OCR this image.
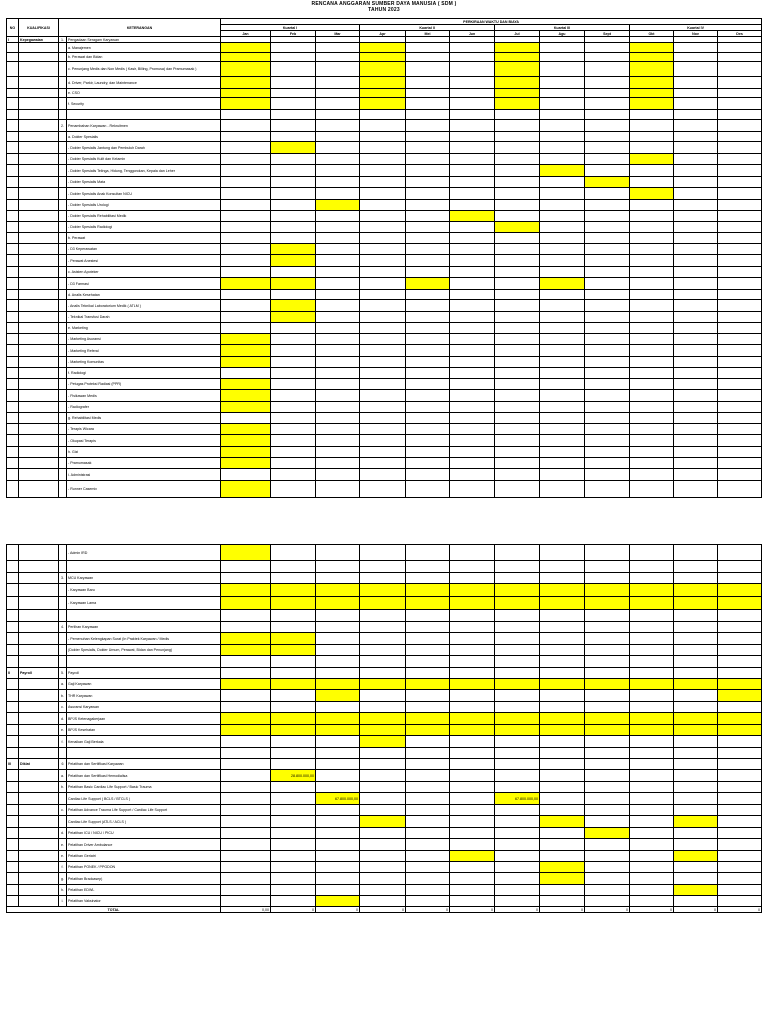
RENCANA ANGGARAN SUMBER DAYA MANUSIA ( SDM )
TAHUN 2023
NO	KUALIFIKASI	KETERANGAN		PERKIRAAN WAKTU DAN BIAYA											
				Kuartal I			Kuartal II			Kuartal III			Kuartal IV		
				Jan	Feb	Mar	Apr	Mei	Jun	Jul	Agu	Sept	Okt	Nov	Des
I	Kepegawaian	1.	Pengadaan Seragam Karyawan												
			a. Manajemen												
			b. Perawat dan Bidan												
			c. Penunjang Medis dan Non Medis ( Kasir, Billing, Promusa) dan Pramumasak )												
			d. Driver, Parkir, Laundry, dan Maintenance												
			e. CSO												
			f. Security												

		2.	Penambahan Karyawan - Rekruitmen												
			a. Dokter Spesialis												
			- Dokter Spesialis Jantung dan Pembuluh Darah												
			- Dokter Spesialis Kulit dan Kelamin												
			- Dokter Spesialis Telinga, Hidung, Tenggorokan, Kepala dan Leher												
			- Dokter Spesialis Mata												
			- Dokter Spesialis Anak Konsultan NICU												
			- Dokter Spesialis Urologi												
			- Dokter Spesialis Rehabilitasi Medik												
			- Dokter Spesialis Radiologi												
			b. Perawat												
			- D3 Keperawatan												
			- Perawat Anestesi												
			c. Asisten Apoteker												
			- D3 Farmasi												
			d. Analis Kesehatan												
			- Analis Teknikal Laboratorium Medik ( ATLM )												
			- Teknikal Transfusi Darah												
			e. Marketing												
			- Marketing Asuransi												
			- Marketing Referal												
			- Marketing Komunitas												
			f. Radiologi												
			- Petugas Proteksi Radiasi (PPR)												
			- Fisikawan Medis												
			- Radiografer												
			g. Rehabilitasi Medis												
			- Terapis Wicara												
			- Okupasi Terapis												
			h. Gizi												
			- Pramumasak												
			i. Administrasi												
			- Runner Casemix												
			- Admin IRD												

		3.	MCU Karyawan												
			- Karyawan Baru												
			- Karyawan Lama												

		4.	Perlihan Karyawan												
			- Pemenuhan Kelengkapan Surat (In Praktek Karyawan / Medis												
			(Dokter Spesialis, Dokter Umum, Perawat, Bidan dan Penunjang)												

II	Payroll	5.	Payroll												
		a.	Gaji Karyawan												
		b.	THR Karyawan												
		c.	Asuransi Karyawan												
		d.	BPJS Ketenagakerjaan												
		e.	BPJS Kesehatan												
		f.	Kenaikan Gaji Berkala												

III	Diklat	6	Pelatihan dan Sertifikasi Karyawan												
		a.	Pelatihan dan Sertifikasi Hemodialisa		28.800.000,00										
		b.	Pelatihan Basic Cardiac Life Support / Basic Trauma												
			Cardiac Life Support ( BCLS / BTCLS )			67.800.000,00				67.800.000,00					
		c.	Pelatihan Advance Trauma Life Support / Cardiac Life Support												
			Cardiac Life Support (ATLS / ACLS )												
		d.	Pelatihan ICU / NICU / PICU												
		e.	Pelatihan Driver Ambulance												
		e.	Pelatihan Geriatri												
		f.	Pelatihan PONEK / PPGDON												
		g.	Pelatihan Bradcasep)												
		h.	Pelatihan EDWL												
		i.	Pelatihan Vaksinator												
TOTAL				0,00	0	0	0	0	0	0	0	0	0	0	0
